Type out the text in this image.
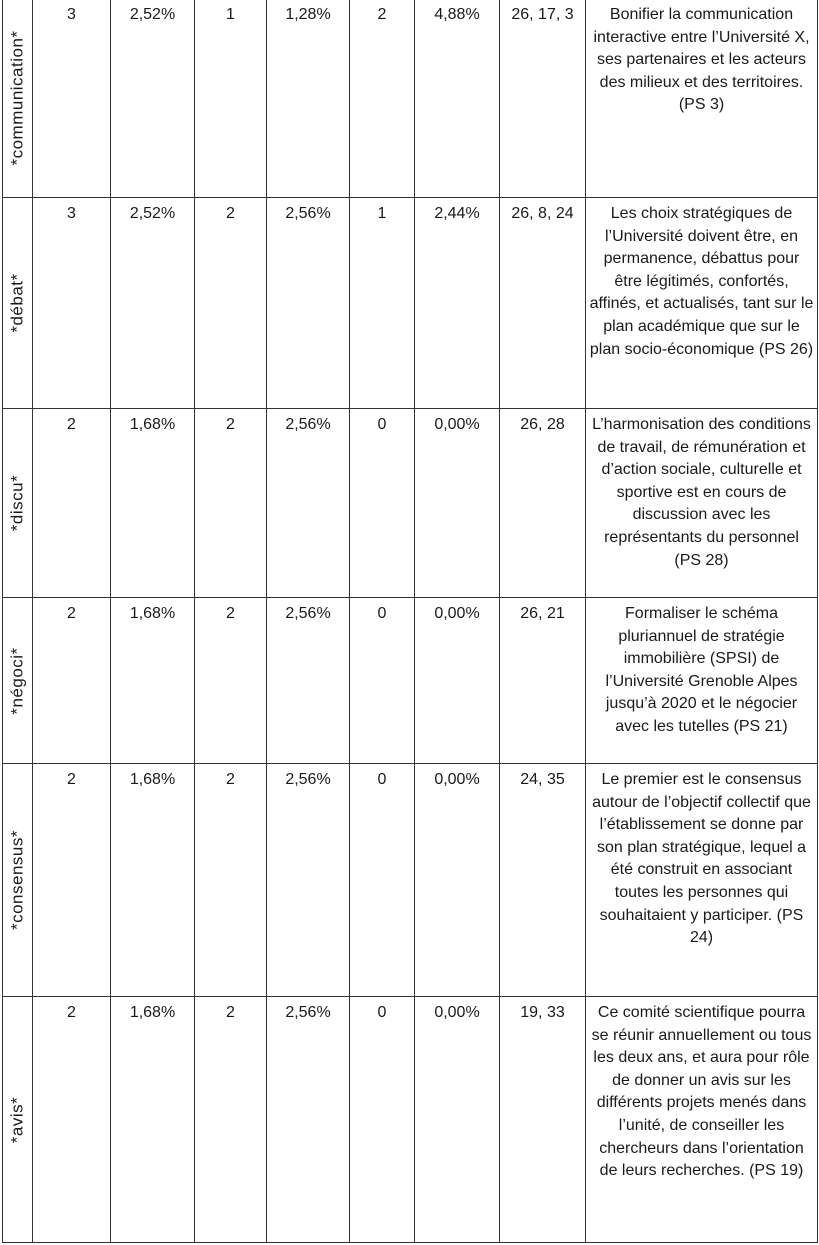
*communication*	3	2,52%	1	1,28%	2	4,88%	26, 17, 3	Bonifier la communication interactive entre l’Université X, ses partenaires et les acteurs des milieux et des territoires. (PS 3)

*débat*	3	2,52%	2	2,56%	1	2,44%	26, 8, 24	Les choix stratégiques de l’Université doivent être, en permanence, débattus pour être légitimés, confortés, affinés, et actualisés, tant sur le plan académique que sur le plan socio-économique (PS 26)

*discu*	2	1,68%	2	2,56%	0	0,00%	26, 28	L’harmonisation des conditions de travail, de rémunération et d’action sociale, culturelle et sportive est en cours de discussion avec les représentants du personnel (PS 28)

*négoci*	2	1,68%	2	2,56%	0	0,00%	26, 21	Formaliser le schéma pluriannuel de stratégie immobilière (SPSI) de l’Université Grenoble Alpes jusqu’à 2020 et le négocier avec les tutelles (PS 21)

*consensus*	2	1,68%	2	2,56%	0	0,00%	24, 35	Le premier est le consensus autour de l’objectif collectif que l’établissement se donne par son plan stratégique, lequel a été construit en associant toutes les personnes qui souhaitaient y participer. (PS 24)

*avis*	2	1,68%	2	2,56%	0	0,00%	19, 33	Ce comité scientifique pourra se réunir annuellement ou tous les deux ans, et aura pour rôle de donner un avis sur les différents projets menés dans l’unité, de conseiller les chercheurs dans l’orientation de leurs recherches. (PS 19)
